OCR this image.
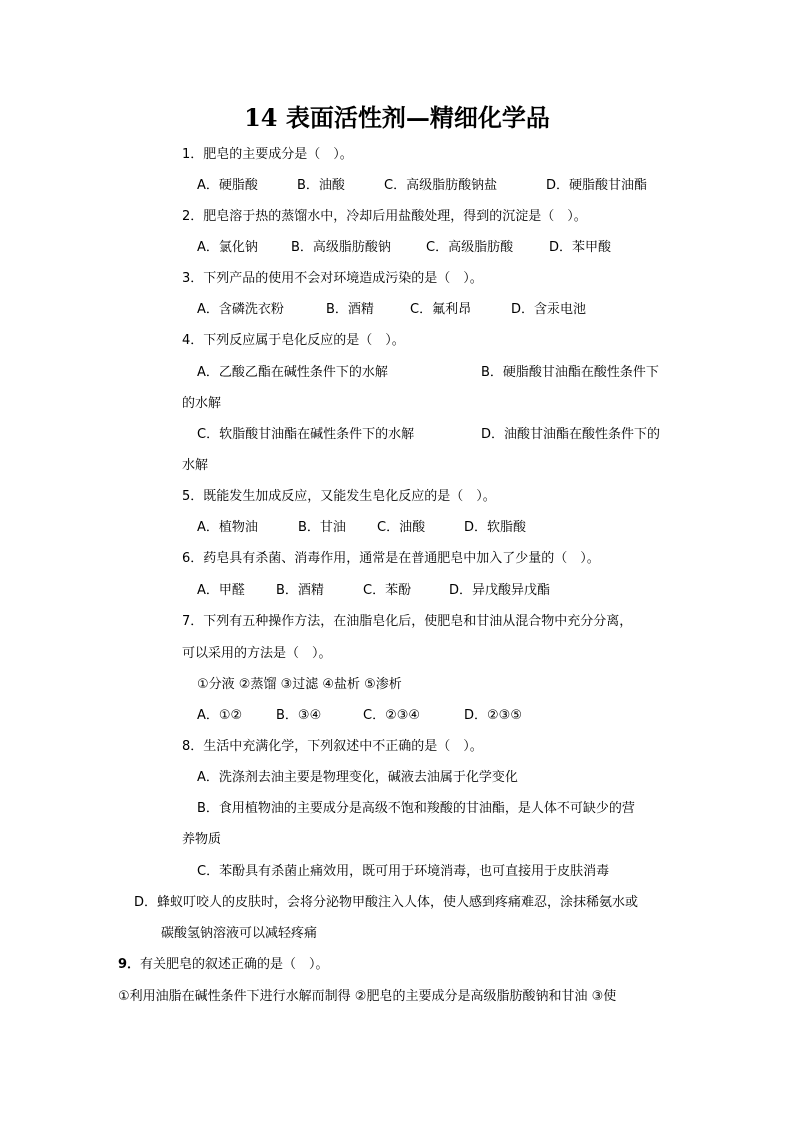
14 表面活性剂—精细化学品
1．肥皂的主要成分是（　）。
A．硬脂酸	B．油酸	C．高级脂肪酸钠盐	D．硬脂酸甘油酯
2．肥皂溶于热的蒸馏水中，冷却后用盐酸处理，得到的沉淀是（　）。
A．氯化钠	B．高级脂肪酸钠	C．高级脂肪酸	D．苯甲酸
3．下列产品的使用不会对环境造成污染的是（　）。
A．含磷洗衣粉	B．酒精	C．氟利昂	D．含汞电池
4．下列反应属于皂化反应的是（　）。
A．乙酸乙酯在碱性条件下的水解	B．硬脂酸甘油酯在酸性条件下
的水解
C．软脂酸甘油酯在碱性条件下的水解	D．油酸甘油酯在酸性条件下的
水解
5．既能发生加成反应，又能发生皂化反应的是（　）。
A．植物油	B．甘油 C．油酸	D．软脂酸
6．药皂具有杀菌、消毒作用，通常是在普通肥皂中加入了少量的（　）。
A．甲醛 B．酒精	C．苯酚	D．异戊酸异戊酯
7．下列有五种操作方法，在油脂皂化后，使肥皂和甘油从混合物中充分分离，
可以采用的方法是（　）。
①分液 ②蒸馏 ③过滤 ④盐析 ⑤渗析
A．①②	B．③④	C．②③④	D．②③⑤
8．生活中充满化学，下列叙述中不正确的是（　）。
A．洗涤剂去油主要是物理变化，碱液去油属于化学变化
B．食用植物油的主要成分是高级不饱和羧酸的甘油酯，是人体不可缺少的营
养物质
C．苯酚具有杀菌止痛效用，既可用于环境消毒，也可直接用于皮肤消毒
D．蜂蚁叮咬人的皮肤时，会将分泌物甲酸注入人体，使人感到疼痛难忍，涂抹稀氨水或
碳酸氢钠溶液可以减轻疼痛
9．有关肥皂的叙述正确的是（　）。
①利用油脂在碱性条件下进行水解而制得 ②肥皂的主要成分是高级脂肪酸钠和甘油 ③使
